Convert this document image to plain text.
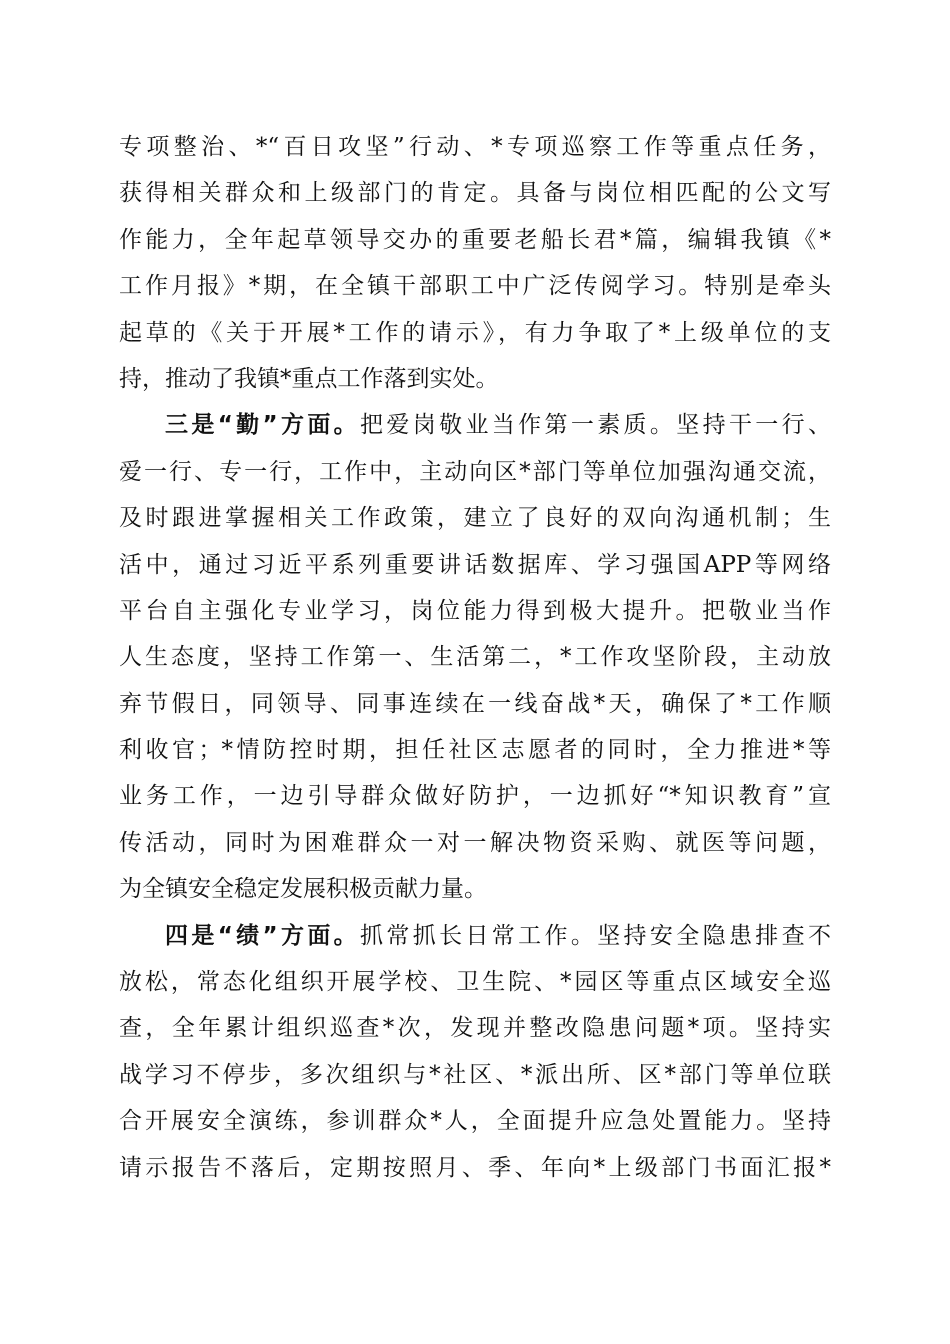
专项整治、*“百日攻坚”行动、*专项巡察工作等重点任务，
获得相关群众和上级部门的肯定。具备与岗位相匹配的公文写
作能力，全年起草领导交办的重要老船长君*篇，编辑我镇《*
工作月报》*期，在全镇干部职工中广泛传阅学习。特别是牵头
起草的《关于开展*工作的请示》，有力争取了*上级单位的支
持，推动了我镇*重点工作落到实处。
三是“勤”方面。把爱岗敬业当作第一素质。坚持干一行、
爱一行、专一行，工作中，主动向区*部门等单位加强沟通交流，
及时跟进掌握相关工作政策，建立了良好的双向沟通机制；生
活中，通过习近平系列重要讲话数据库、学习强国APP等网络
平台自主强化专业学习，岗位能力得到极大提升。把敬业当作
人生态度，坚持工作第一、生活第二，*工作攻坚阶段，主动放
弃节假日，同领导、同事连续在一线奋战*天，确保了*工作顺
利收官；*情防控时期，担任社区志愿者的同时，全力推进*等
业务工作，一边引导群众做好防护，一边抓好“*知识教育”宣
传活动，同时为困难群众一对一解决物资采购、就医等问题，
为全镇安全稳定发展积极贡献力量。
四是“绩”方面。抓常抓长日常工作。坚持安全隐患排查不
放松，常态化组织开展学校、卫生院、*园区等重点区域安全巡
查，全年累计组织巡查*次，发现并整改隐患问题*项。坚持实
战学习不停步，多次组织与*社区、*派出所、区*部门等单位联
合开展安全演练，参训群众*人，全面提升应急处置能力。坚持
请示报告不落后，定期按照月、季、年向*上级部门书面汇报*
